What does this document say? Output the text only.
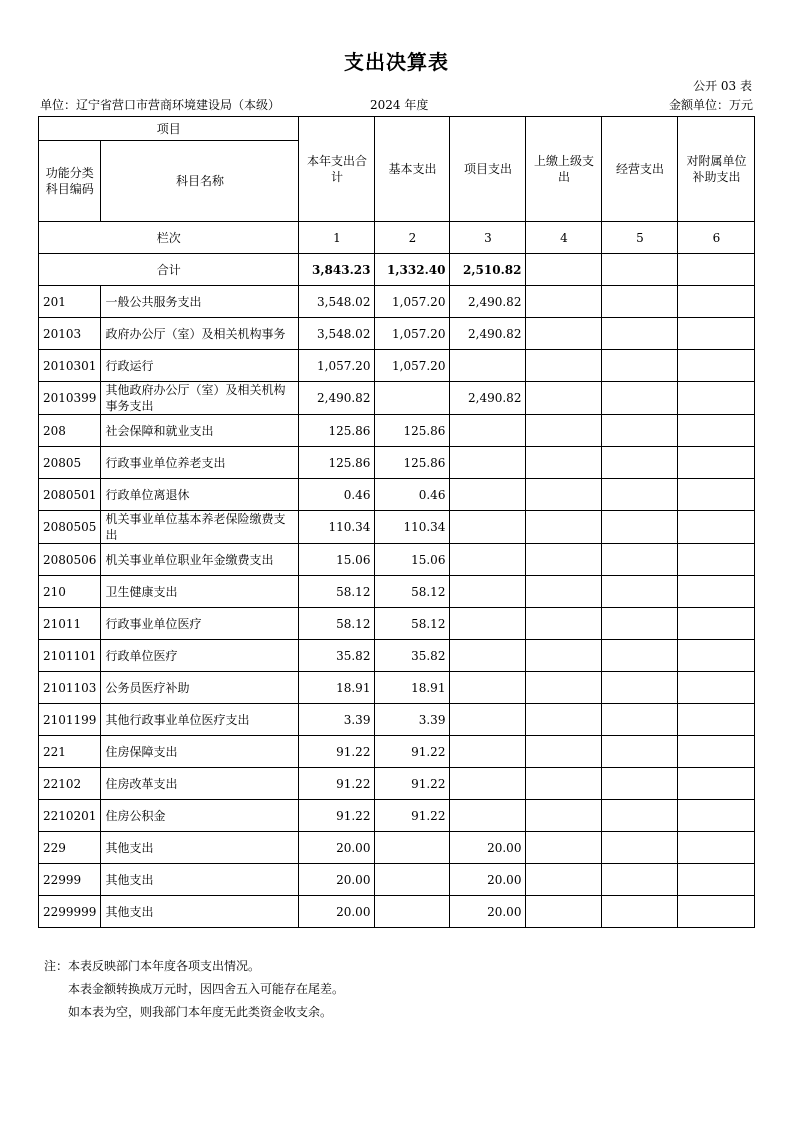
支出决算表
公开 03 表
单位：辽宁省营口市营商环境建设局（本级）	2024 年度	金额单位：万元
项目		本年支出合计	基本支出	项目支出	上缴上级支出	经营支出	对附属单位补助支出
功能分类科目编码	科目名称						
栏次		1	2	3	4	5	6
合计		3,843.23	1,332.40	2,510.82			
201	一般公共服务支出	3,548.02	1,057.20	2,490.82			
20103	政府办公厅（室）及相关机构事务	3,548.02	1,057.20	2,490.82			
2010301	行政运行	1,057.20	1,057.20				
2010399	其他政府办公厅（室）及相关机构事务支出	2,490.82		2,490.82			
208	社会保障和就业支出	125.86	125.86				
20805	行政事业单位养老支出	125.86	125.86				
2080501	行政单位离退休	0.46	0.46				
2080505	机关事业单位基本养老保险缴费支出	110.34	110.34				
2080506	机关事业单位职业年金缴费支出	15.06	15.06				
210	卫生健康支出	58.12	58.12				
21011	行政事业单位医疗	58.12	58.12				
2101101	行政单位医疗	35.82	35.82				
2101103	公务员医疗补助	18.91	18.91				
2101199	其他行政事业单位医疗支出	3.39	3.39				
221	住房保障支出	91.22	91.22				
22102	住房改革支出	91.22	91.22				
2210201	住房公积金	91.22	91.22				
229	其他支出	20.00		20.00			
22999	其他支出	20.00		20.00			
2299999	其他支出	20.00		20.00			
注：本表反映部门本年度各项支出情况。
本表金额转换成万元时，因四舍五入可能存在尾差。
如本表为空，则我部门本年度无此类资金收支余。
